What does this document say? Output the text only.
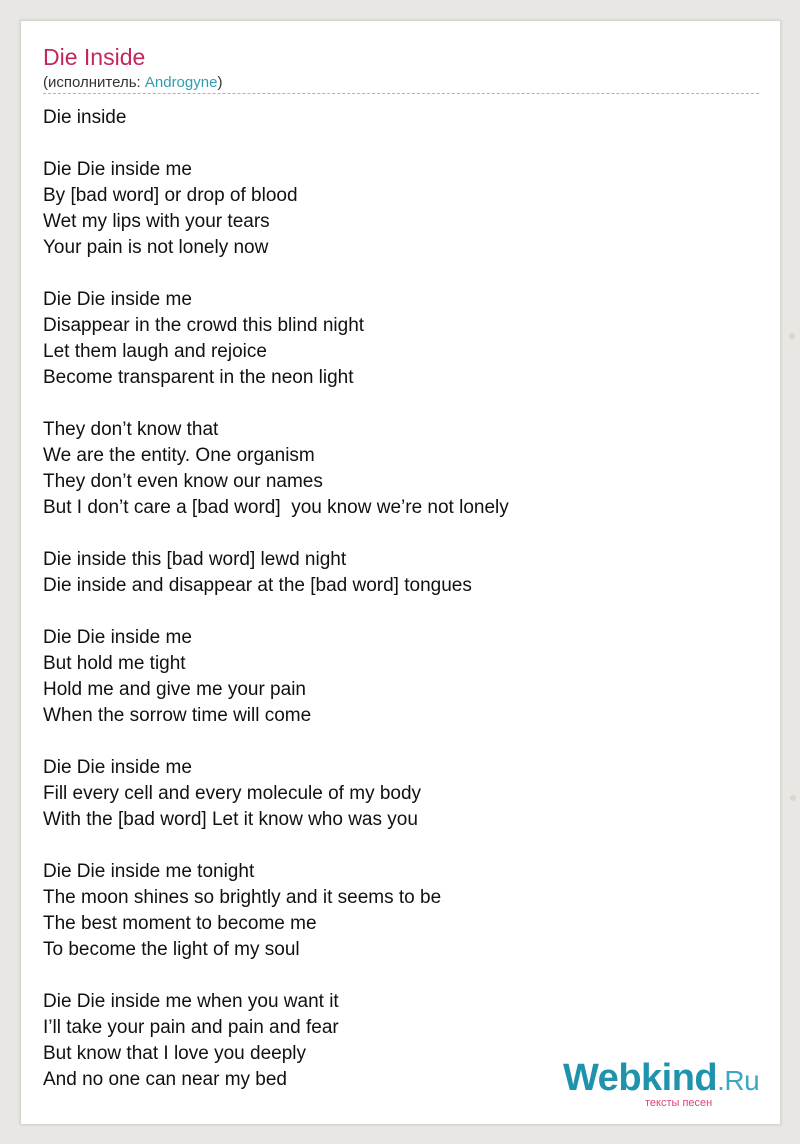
Die Inside
(исполнитель: Androgyne)
Die inside
Die Die inside me
By [bad word] or drop of blood
Wet my lips with your tears
Your pain is not lonely now
Die Die inside me
Disappear in the crowd this blind night
Let them laugh and rejoice
Become transparent in the neon light
They don’t know that
We are the entity. One organism
They don’t even know our names
But I don’t care a [bad word]  you know we’re not lonely
Die inside this [bad word] lewd night
Die inside and disappear at the [bad word] tongues
Die Die inside me
But hold me tight
Hold me and give me your pain
When the sorrow time will come
Die Die inside me
Fill every cell and every molecule of my body
With the [bad word] Let it know who was you
Die Die inside me tonight
The moon shines so brightly and it seems to be
The best moment to become me
To become the light of my soul
Die Die inside me when you want it
I’ll take your pain and pain and fear
But know that I love you deeply
And no one can near my bed	Webkind.Ru
тексты песен
